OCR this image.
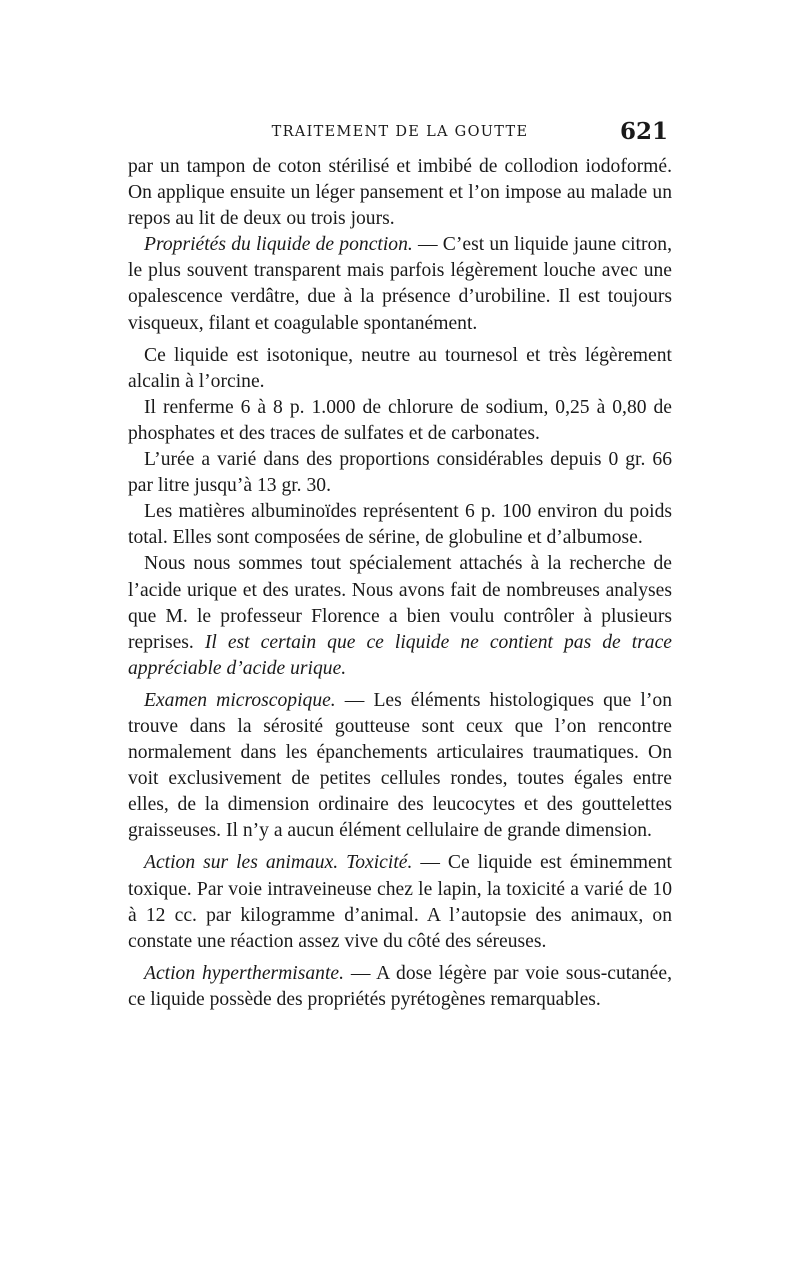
TRAITEMENT DE LA GOUTTE	621

par un tampon de coton stérilisé et imbibé de collodion iodoformé. On applique ensuite un léger pansement et l’on impose au malade un repos au lit de deux ou trois jours.

Propriétés du liquide de ponction. — C’est un liquide jaune citron, le plus souvent transparent mais parfois légèrement louche avec une opalescence verdâtre, due à la présence d’urobiline. Il est toujours visqueux, filant et coagulable spontanément.

Ce liquide est isotonique, neutre au tournesol et très légèrement alcalin à l’orcine.

Il renferme 6 à 8 p. 1.000 de chlorure de sodium, 0,25 à 0,80 de phosphates et des traces de sulfates et de carbonates.

L’urée a varié dans des proportions considérables depuis 0 gr. 66 par litre jusqu’à 13 gr. 30.

Les matières albuminoïdes représentent 6 p. 100 environ du poids total. Elles sont composées de sérine, de globuline et d’albumose.

Nous nous sommes tout spécialement attachés à la recherche de l’acide urique et des urates. Nous avons fait de nombreuses analyses que M. le professeur Florence a bien voulu contrôler à plusieurs reprises. Il est certain que ce liquide ne contient pas de trace appréciable d’acide urique.

Examen microscopique. — Les éléments histologiques que l’on trouve dans la sérosité goutteuse sont ceux que l’on rencontre normalement dans les épanchements articulaires traumatiques. On voit exclusivement de petites cellules rondes, toutes égales entre elles, de la dimension ordinaire des leucocytes et des gouttelettes graisseuses. Il n’y a aucun élément cellulaire de grande dimension.

Action sur les animaux. Toxicité. — Ce liquide est éminemment toxique. Par voie intraveineuse chez le lapin, la toxicité a varié de 10 à 12 cc. par kilogramme d’animal. A l’autopsie des animaux, on constate une réaction assez vive du côté des séreuses.

Action hyperthermisante. — A dose légère par voie sous-cutanée, ce liquide possède des propriétés pyrétogènes remarquables.
